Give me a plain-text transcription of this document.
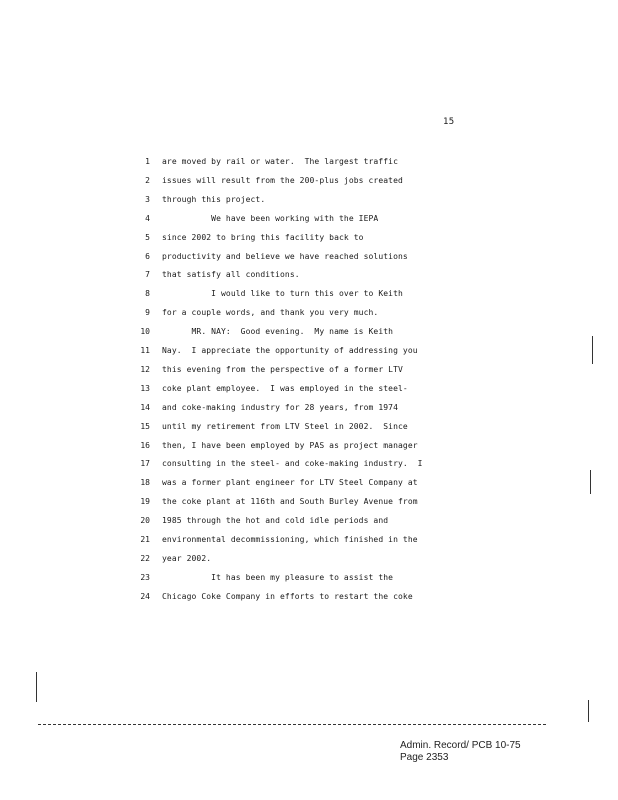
15
1 are moved by rail or water.  The largest traffic
2 issues will result from the 200-plus jobs created
3 through this project.
4 We have been working with the IEPA
5 since 2002 to bring this facility back to
6 productivity and believe we have reached solutions
7 that satisfy all conditions.
8 I would like to turn this over to Keith
9 for a couple words, and thank you very much.
10 MR. NAY:  Good evening.  My name is Keith
11 Nay.  I appreciate the opportunity of addressing you
12 this evening from the perspective of a former LTV
13 coke plant employee.  I was employed in the steel-
14 and coke-making industry for 28 years, from 1974
15 until my retirement from LTV Steel in 2002.  Since
16 then, I have been employed by PAS as project manager
17 consulting in the steel- and coke-making industry.  I
18 was a former plant engineer for LTV Steel Company at
19 the coke plant at 116th and South Burley Avenue from
20 1985 through the hot and cold idle periods and
21 environmental decommissioning, which finished in the
22 year 2002.
23 It has been my pleasure to assist the
24 Chicago Coke Company in efforts to restart the coke
Admin. Record/ PCB 10-75
Page 2353
